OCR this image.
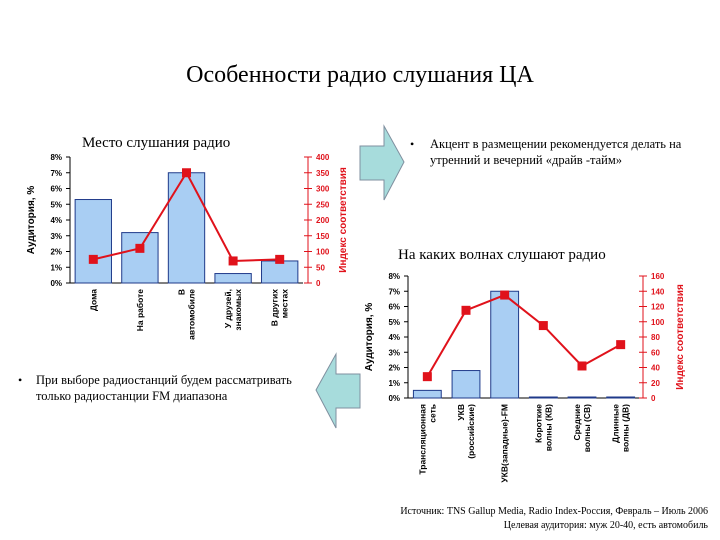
Особенности радио слушания ЦА
Место слушания радио
На каких волнах слушают радио
• Акцент в размещении рекомендуется делать на утренний и вечерний «драйв -тайм»
• При выборе радиостанций будем рассматривать только радиостанции FM диапазона
Источник: TNS Gallup Media, Radio Index-Россия, Февраль – Июль 2006
Целевая аудитория: муж 20-40, есть автомобиль
0%
1%
2%
3%
4%
5%
6%
7%
8%
0
50
100
150
200
250
300
350
400
Дома	На работе	В автомобиле	У друзей, знакомых	В других местах
Аудитория, %	Индекс соответствия
0%
1%
2%
3%
4%
5%
6%
7%
8%
0
20
40
60
80
100
120
140
160
Трансляционная сеть УКВ (российские)	УКВ(западные)-FM	Короткие волны (КВ) Средние волны (СВ) Длинные волны (ДВ)
Аудитория, %	Индекс соответствия
